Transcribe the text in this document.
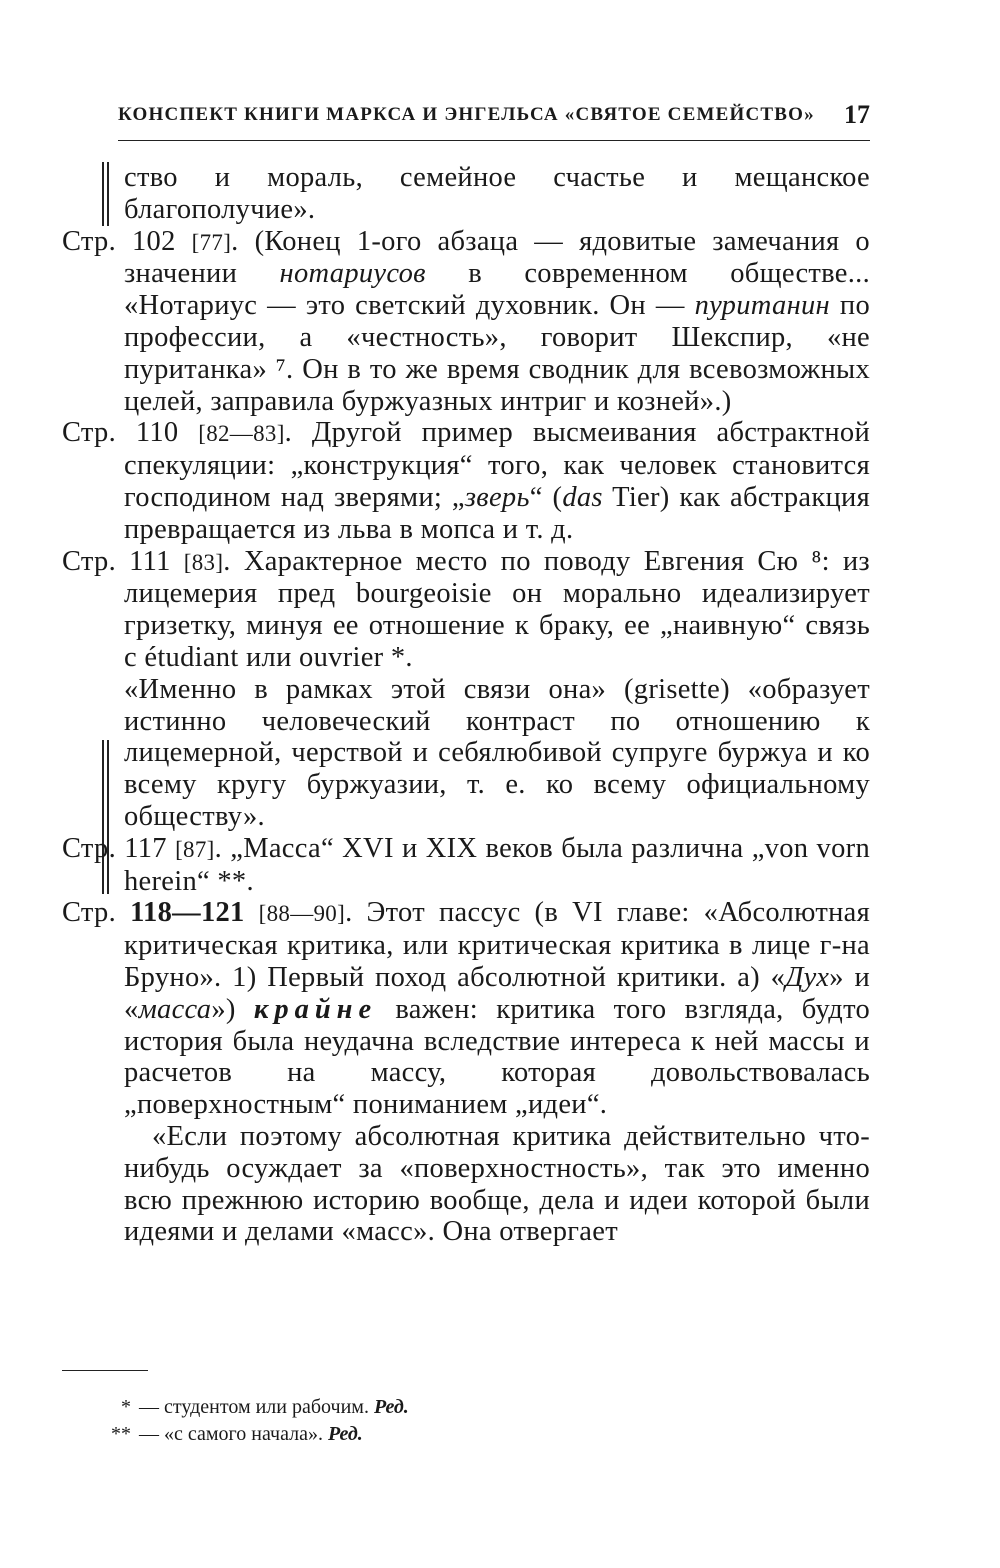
КОНСПЕКТ КНИГИ МАРКСА И ЭНГЕЛЬСА «СВЯТОЕ СЕМЕЙСТВО» 17
ство и мораль, семейное счастье и мещанское благополучие».
Стр. 102 [77]. (Конец 1-ого абзаца — ядовитые замечания о значении нотариусов в современном обществе... «Нотариус — это светский духовник. Он — пуританин по профессии, а «честность», говорит Шекспир, «не пуританка» ⁷. Он в то же время сводник для всевозможных целей, заправила буржуазных интриг и козней».)
Стр. 110 [82—83]. Другой пример высмеивания абстрактной спекуляции: „конструкция“ того, как человек становится господином над зверями; „зверь“ (das Tier) как абстракция превращается из льва в мопса и т. д.
Стр. 111 [83]. Характерное место по поводу Евгения Сю ⁸: из лицемерия пред bourgeoisie он морально идеализирует гризетку, минуя ее отношение к браку, ее „наивную“ связь с étudiant или ouvrier *.
«Именно в рамках этой связи она» (grisette) «образует истинно человеческий контраст по отношению к лицемерной, черствой и себялюбивой супруге буржуа и ко всему кругу буржуазии, т. е. ко всему официальному обществу».
Стр. 117 [87]. „Масса“ XVI и XIX веков была различна „von vorn herein“ **.
Стр. 118—121 [88—90]. Этот пассус (в VI главе: «Абсолютная критическая критика, или критическая критика в лице г-на Бруно». 1) Первый поход абсолютной критики. а) «Дух» и «масса») крайне важен: критика того взгляда, будто история была неудачна вследствие интереса к ней массы и расчетов на массу, которая довольствовалась „поверхностным“ пониманием „идеи“.
«Если поэтому абсолютная критика действительно что-нибудь осуждает за «поверхностность», так это именно всю прежнюю историю вообще, дела и идеи которой были идеями и делами «масс». Она отвергает
* — студентом или рабочим. Ред.
** — «с самого начала». Ред.
